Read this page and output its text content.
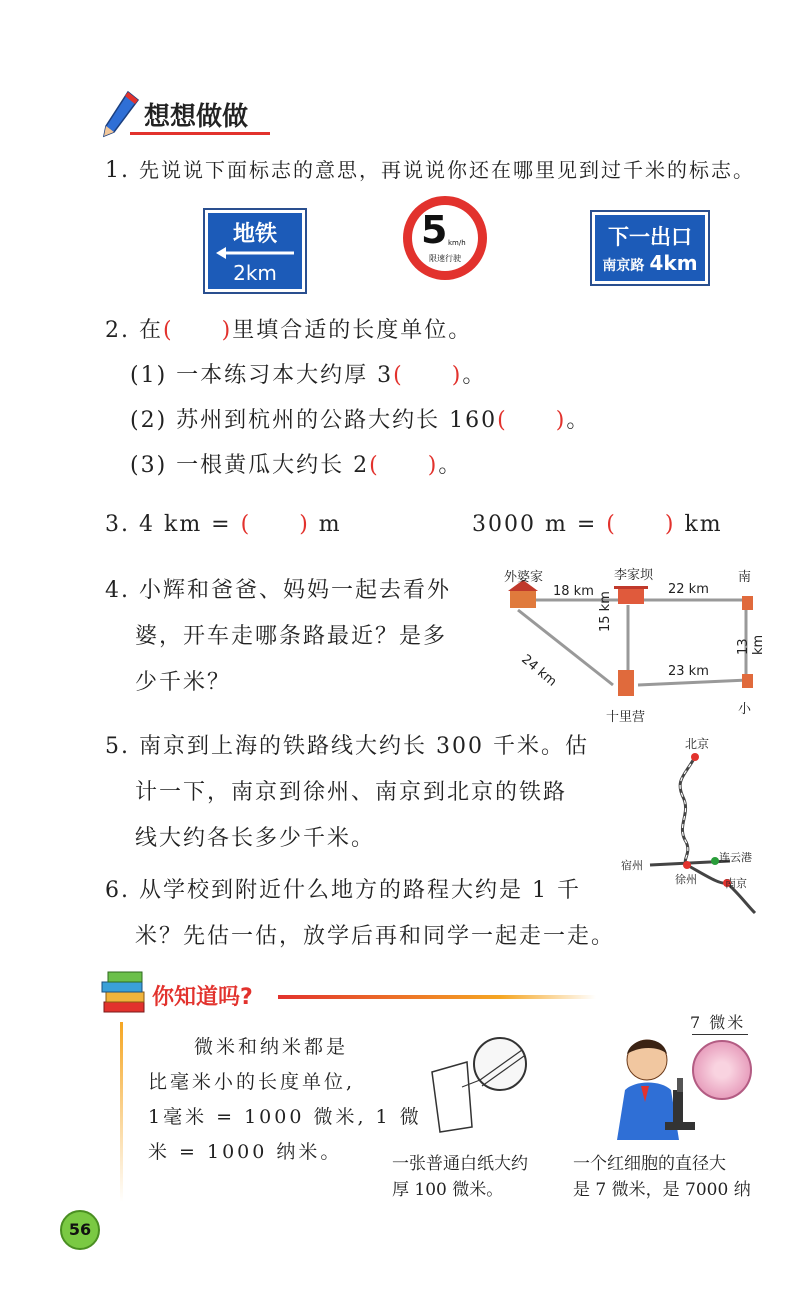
想想做做
1. 先说说下面标志的意思，再说说你还在哪里见到过千米的标志。
地铁
2km
5 km/h
限速行驶
下一出口
南京路 4km
2. 在(　　)里填合适的长度单位。
(1) 一本练习本大约厚 3(　　)。
(2) 苏州到杭州的公路大约长 160(　　)。
(3) 一根黄瓜大约长 2(　　)。
3. 4 km = (　　) m	3000 m = (　　) km
4. 小辉和爸爸、妈妈一起去看外
婆，开车走哪条路最近？是多
少千米？
外婆家	李家坝	南
十里营
小
18 km	22 km
15 km
24 km	23 km
13 km
5. 南京到上海的铁路线大约长 300 千米。估
计一下，南京到徐州、南京到北京的铁路
线大约各长多少千米。
北京
宿州
徐州
连云港
南京
6. 从学校到附近什么地方的路程大约是 1 千
米？先估一估，放学后再和同学一起走一走。
你知道吗?
微米和纳米都是
比毫米小的长度单位,
1毫米 = 1000 微米, 1 微
米 = 1000 纳米。
一张普通白纸大约
厚 100 微米。
7 微米
一个红细胞的直径大
是 7 微米，是 7000 纳
56
